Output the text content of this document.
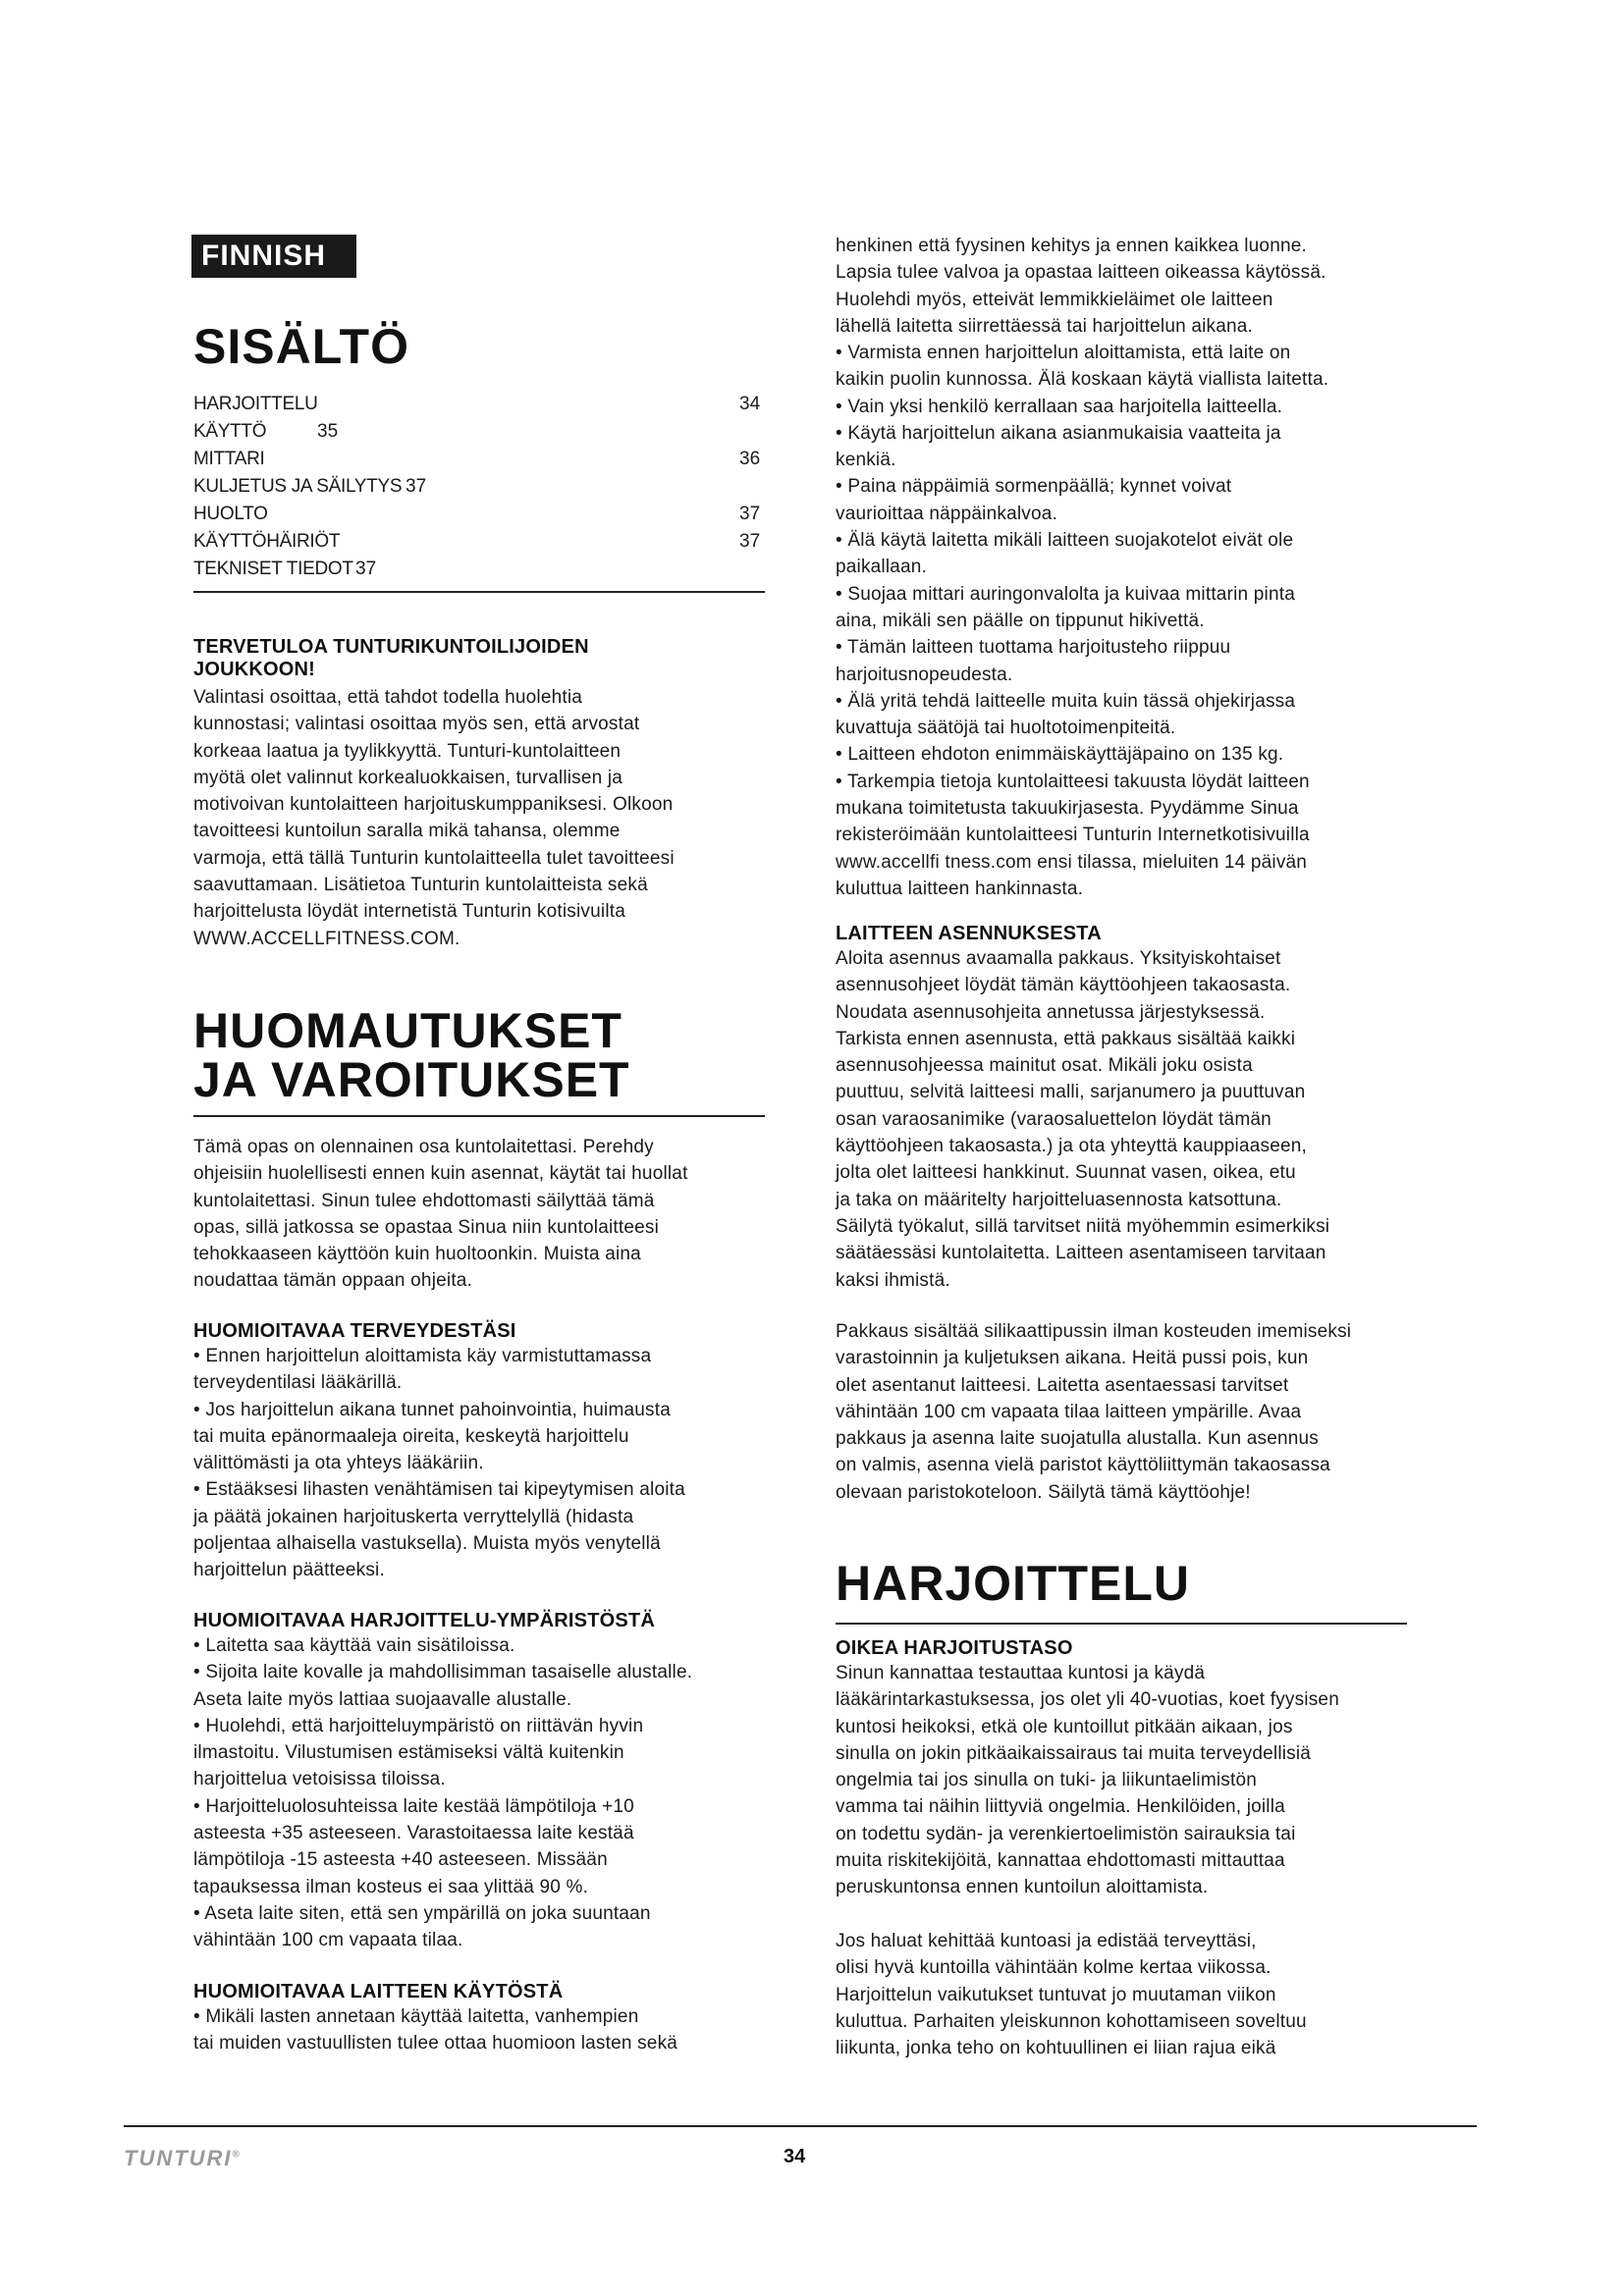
FINNISH
SISÄLTÖ
HARJOITTELU	34
KÄYTTÖ	35
MITTARI	36
KULJETUS JA SÄILYTYS 37
HUOLTO	37
KÄYTTÖHÄIRIÖT	37
TEKNISET TIEDOT 37
TERVETULOA TUNTURIKUNTOILIJOIDEN
JOUKKOON!

Valintasi osoittaa, että tahdot todella huolehtia
kunnostasi; valintasi osoittaa myös sen, että arvostat
korkeaa laatua ja tyylikkyyttä. Tunturi-kuntolaitteen
myötä olet valinnut korkealuokkaisen, turvallisen ja
motivoivan kuntolaitteen harjoituskumppaniksesi. Olkoon
tavoitteesi kuntoilun saralla mikä tahansa, olemme
varmoja, että tällä Tunturin kuntolaitteella tulet tavoitteesi
saavuttamaan. Lisätietoa Tunturin kuntolaitteista sekä
harjoittelusta löydät internetistä Tunturin kotisivuilta
WWW.ACCELLFITNESS.COM.

HUOMAUTUKSET
JA VAROITUKSET

Tämä opas on olennainen osa kuntolaitettasi. Perehdy
ohjeisiin huolellisesti ennen kuin asennat, käytät tai huollat
kuntolaitettasi. Sinun tulee ehdottomasti säilyttää tämä
opas, sillä jatkossa se opastaa Sinua niin kuntolaitteesi
tehokkaaseen käyttöön kuin huoltoonkin. Muista aina
noudattaa tämän oppaan ohjeita.

HUOMIOITAVAA TERVEYDESTÄSI
• Ennen harjoittelun aloittamista käy varmistuttamassa
terveydentilasi lääkärillä.
• Jos harjoittelun aikana tunnet pahoinvointia, huimausta
tai muita epänormaaleja oireita, keskeytä harjoittelu
välittömästi ja ota yhteys lääkäriin.
• Estääksesi lihasten venähtämisen tai kipeytymisen aloita
ja päätä jokainen harjoituskerta verryttelyllä (hidasta
poljentaa alhaisella vastuksella). Muista myös venytellä
harjoittelun päätteeksi.
HUOMIOITAVAA HARJOITTELU-YMPÄRISTÖSTÄ
• Laitetta saa käyttää vain sisätiloissa.
• Sijoita laite kovalle ja mahdollisimman tasaiselle alustalle.
Aseta laite myös lattiaa suojaavalle alustalle.
• Huolehdi, että harjoitteluympäristö on riittävän hyvin
ilmastoitu. Vilustumisen estämiseksi vältä kuitenkin
harjoittelua vetoisissa tiloissa.
• Harjoitteluolosuhteissa laite kestää lämpötiloja +10
asteesta +35 asteeseen. Varastoitaessa laite kestää
lämpötiloja -15 asteesta +40 asteeseen. Missään
tapauksessa ilman kosteus ei saa ylittää 90 %.
• Aseta laite siten, että sen ympärillä on joka suuntaan
vähintään 100 cm vapaata tilaa.
HUOMIOITAVAA LAITTEEN KÄYTÖSTÄ

• Mikäli lasten annetaan käyttää laitetta, vanhempien
tai muiden vastuullisten tulee ottaa huomioon lasten sekä

henkinen että fyysinen kehitys ja ennen kaikkea luonne.
Lapsia tulee valvoa ja opastaa laitteen oikeassa käytössä.
Huolehdi myös, etteivät lemmikkieläimet ole laitteen
lähellä laitetta siirrettäessä tai harjoittelun aikana.

• Varmista ennen harjoittelun aloittamista, että laite on
kaikin puolin kunnossa. Älä koskaan käytä viallista laitetta.
• Vain yksi henkilö kerrallaan saa harjoitella laitteella.
• Käytä harjoittelun aikana asianmukaisia vaatteita ja
kenkiä.
• Paina näppäimiä sormenpäällä; kynnet voivat
vaurioittaa näppäinkalvoa.
• Älä käytä laitetta mikäli laitteen suojakotelot eivät ole
paikallaan.
• Suojaa mittari auringonvalolta ja kuivaa mittarin pinta
aina, mikäli sen päälle on tippunut hikivettä.
• Tämän laitteen tuottama harjoitusteho riippuu
harjoitusnopeudesta.
• Älä yritä tehdä laitteelle muita kuin tässä ohjekirjassa
kuvattuja säätöjä tai huoltotoimenpiteitä.
• Laitteen ehdoton enimmäiskäyttäjäpaino on 135 kg.
• Tarkempia tietoja kuntolaitteesi takuusta löydät laitteen
mukana toimitetusta takuukirjasesta. Pyydämme Sinua
rekisteröimään kuntolaitteesi Tunturin Internetkotisivuilla
www.accellfi tness.com ensi tilassa, mieluiten 14 päivän
kuluttua laitteen hankinnasta.
LAITTEEN ASENNUKSESTA

Aloita asennus avaamalla pakkaus. Yksityiskohtaiset
asennusohjeet löydät tämän käyttöohjeen takaosasta.
Noudata asennusohjeita annetussa järjestyksessä.
Tarkista ennen asennusta, että pakkaus sisältää kaikki
asennusohjeessa mainitut osat. Mikäli joku osista
puuttuu, selvitä laitteesi malli, sarjanumero ja puuttuvan
osan varaosanimike (varaosaluettelon löydät tämän
käyttöohjeen takaosasta.) ja ota yhteyttä kauppiaaseen,
jolta olet laitteesi hankkinut. Suunnat vasen, oikea, etu
ja taka on määritelty harjoitteluasennosta katsottuna.
Säilytä työkalut, sillä tarvitset niitä myöhemmin esimerkiksi
säätäessäsi kuntolaitetta. Laitteen asentamiseen tarvitaan
kaksi ihmistä.

Pakkaus sisältää silikaattipussin ilman kosteuden imemiseksi
varastoinnin ja kuljetuksen aikana. Heitä pussi pois, kun
olet asentanut laitteesi. Laitetta asentaessasi tarvitset
vähintään 100 cm vapaata tilaa laitteen ympärille. Avaa
pakkaus ja asenna laite suojatulla alustalla. Kun asennus
on valmis, asenna vielä paristot käyttöliittymän takaosassa
olevaan paristokoteloon. Säilytä tämä käyttöohje!

HARJOITTELU
OIKEA HARJOITUSTASO

Sinun kannattaa testauttaa kuntosi ja käydä
lääkärintarkastuksessa, jos olet yli 40-vuotias, koet fyysisen
kuntosi heikoksi, etkä ole kuntoillut pitkään aikaan, jos
sinulla on jokin pitkäaikaissairaus tai muita terveydellisiä
ongelmia tai jos sinulla on tuki- ja liikuntaelimistön
vamma tai näihin liittyviä ongelmia. Henkilöiden, joilla
on todettu sydän- ja verenkiertoelimistön sairauksia tai
muita riskitekijöitä, kannattaa ehdottomasti mittauttaa
peruskuntonsa ennen kuntoilun aloittamista.

Jos haluat kehittää kuntoasi ja edistää terveyttäsi,
olisi hyvä kuntoilla vähintään kolme kertaa viikossa.
Harjoittelun vaikutukset tuntuvat jo muutaman viikon
kuluttua. Parhaiten yleiskunnon kohottamiseen soveltuu
liikunta, jonka teho on kohtuullinen ei liian rajua eikä

TUNTURI®	34
